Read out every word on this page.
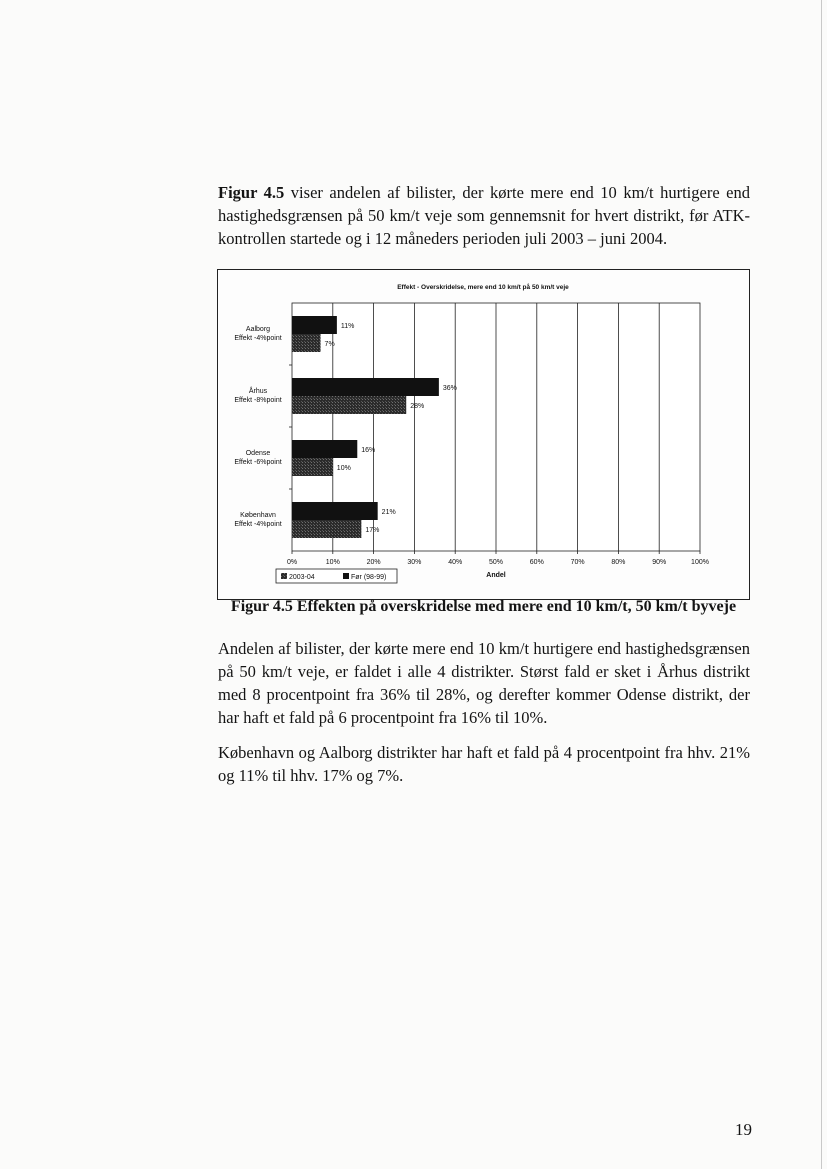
Figur 4.5 viser andelen af bilister, der kørte mere end 10 km/t hurtigere end hastighedsgrænsen på 50 km/t veje som gennemsnit for hvert distrikt, før ATK-kontrollen startede og i 12 måneders perioden juli 2003 – juni 2004.

Effekt - Overskridelse, mere end 10 km/t på 50 km/t veje
0%	10%	20%	30%	40%	50%	60%	70%	80%	90%	100%
Andel
Aalborg
Effekt -4%point
11%
7%
Århus
Effekt -8%point
36%
28%
Odense
Effekt -6%point
16%
10%
København
Effekt -4%point
21%
17%
2003-04	Før (98-99)

Figur 4.5 Effekten på overskridelse med mere end 10 km/t, 50 km/t byveje

Andelen af bilister, der kørte mere end 10 km/t hurtigere end hastighedsgrænsen på 50 km/t veje, er faldet i alle 4 distrikter. Størst fald er sket i Århus distrikt med 8 procentpoint fra 36% til 28%, og derefter kommer Odense distrikt, der har haft et fald på 6 procentpoint fra 16% til 10%.

København og Aalborg distrikter har haft et fald på 4 procentpoint fra hhv. 21% og 11% til hhv. 17% og 7%.

19
